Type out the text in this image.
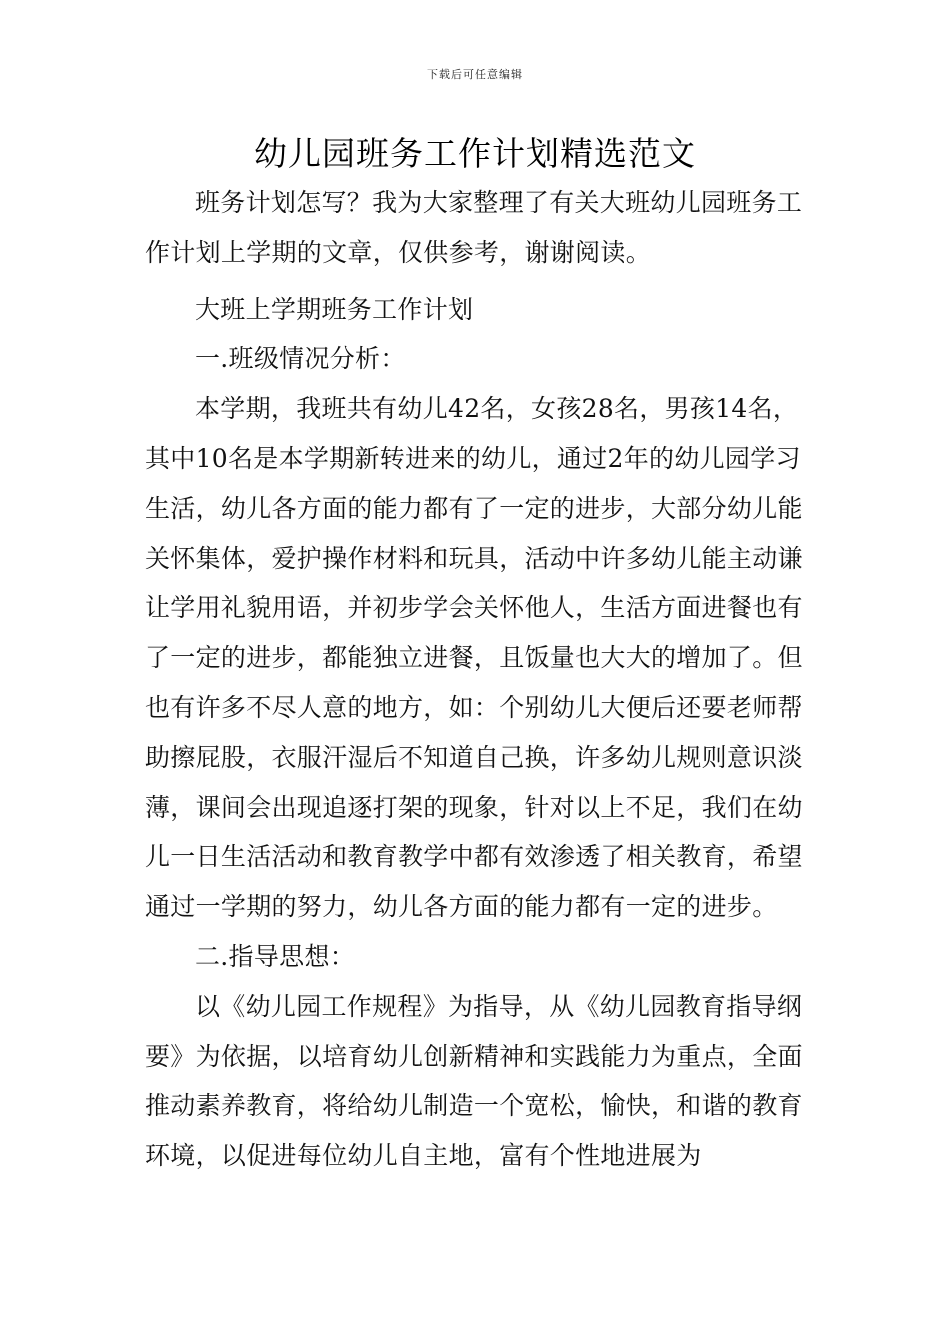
下载后可任意编辑
幼儿园班务工作计划精选范文

班务计划怎写？我为大家整理了有关大班幼儿园班务工作计划上学期的文章，仅供参考，谢谢阅读。

大班上学期班务工作计划

一.班级情况分析：

本学期，我班共有幼儿42名，女孩28名，男孩14名，其中10名是本学期新转进来的幼儿，通过2年的幼儿园学习生活，幼儿各方面的能力都有了一定的进步，大部分幼儿能关怀集体，爱护操作材料和玩具，活动中许多幼儿能主动谦让学用礼貌用语，并初步学会关怀他人，生活方面进餐也有了一定的进步，都能独立进餐，且饭量也大大的增加了。但也有许多不尽人意的地方，如：个别幼儿大便后还要老师帮助擦屁股，衣服汗湿后不知道自己换，许多幼儿规则意识淡薄，课间会出现追逐打架的现象，针对以上不足，我们在幼儿一日生活活动和教育教学中都有效渗透了相关教育，希望通过一学期的努力，幼儿各方面的能力都有一定的进步。

二.指导思想：

以《幼儿园工作规程》为指导，从《幼儿园教育指导纲要》为依据，以培育幼儿创新精神和实践能力为重点，全面推动素养教育，将给幼儿制造一个宽松，愉快，和谐的教育环境，以促进每位幼儿自主地，富有个性地进展为
